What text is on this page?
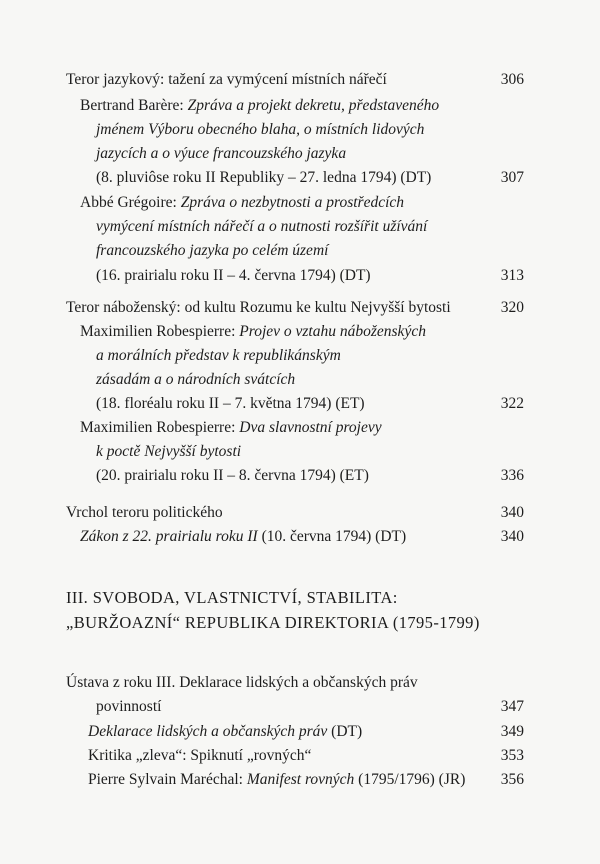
Teror jazykový: tažení za vymýcení místních nářečí	306
Bertrand Barère: Zpráva a projekt dekretu, představeného
jménem Výboru obecného blaha, o místních lidových
jazycích a o výuce francouzského jazyka
(8. pluviôse roku II Republiky – 27. ledna 1794) (DT)	307
Abbé Grégoire: Zpráva o nezbytnosti a prostředcích
vymýcení místních nářečí a o nutnosti rozšířit užívání
francouzského jazyka po celém území
(16. prairialu roku II – 4. června 1794) (DT)	313
Teror náboženský: od kultu Rozumu ke kultu Nejvyšší bytosti	320
Maximilien Robespierre: Projev o vztahu náboženských
a morálních představ k republikánským
zásadám a o národních svátcích
(18. floréalu roku II – 7. května 1794) (ET)	322
Maximilien Robespierre: Dva slavnostní projevy
k poctě Nejvyšší bytosti
(20. prairialu roku II – 8. června 1794) (ET)	336
Vrchol teroru politického	340
Zákon z 22. prairialu roku II (10. června 1794) (DT)	340
III. SVOBODA, VLASTNICTVÍ, STABILITA:
„BURŽOAZNÍ“ REPUBLIKA DIREKTORIA (1795-1799)
Ústava z roku III. Deklarace lidských a občanských práv
povinností	347
Deklarace lidských a občanských práv (DT)	349
Kritika „zleva“: Spiknutí „rovných“	353
Pierre Sylvain Maréchal: Manifest rovných (1795/1796) (JR) 356
